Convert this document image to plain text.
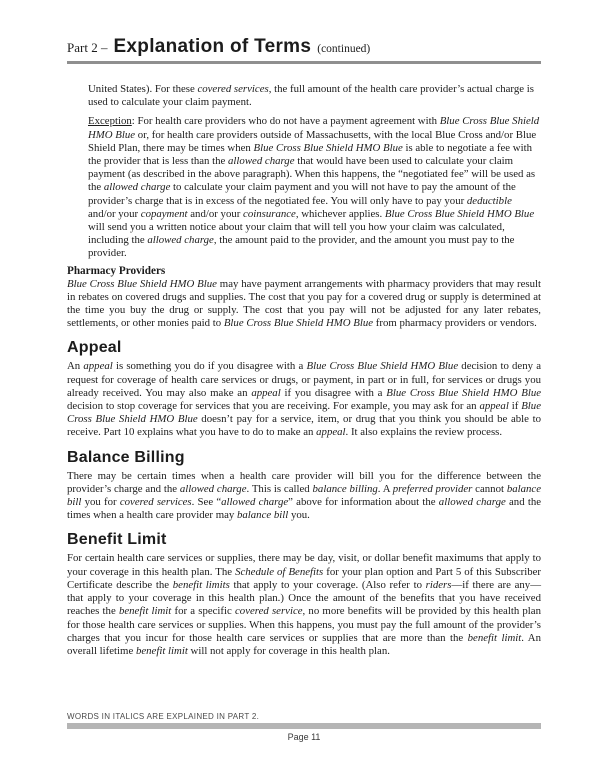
Part 2 – Explanation of Terms (continued)

United States). For these covered services, the full amount of the health care provider’s actual charge is used to calculate your claim payment.

Exception: For health care providers who do not have a payment agreement with Blue Cross Blue Shield HMO Blue or, for health care providers outside of Massachusetts, with the local Blue Cross and/or Blue Shield Plan, there may be times when Blue Cross Blue Shield HMO Blue is able to negotiate a fee with the provider that is less than the allowed charge that would have been used to calculate your claim payment (as described in the above paragraph). When this happens, the “negotiated fee” will be used as the allowed charge to calculate your claim payment and you will not have to pay the amount of the provider’s charge that is in excess of the negotiated fee. You will only have to pay your deductible and/or your copayment and/or your coinsurance, whichever applies. Blue Cross Blue Shield HMO Blue will send you a written notice about your claim that will tell you how your claim was calculated, including the allowed charge, the amount paid to the provider, and the amount you must pay to the provider.

Pharmacy Providers

Blue Cross Blue Shield HMO Blue may have payment arrangements with pharmacy providers that may result in rebates on covered drugs and supplies. The cost that you pay for a covered drug or supply is determined at the time you buy the drug or supply. The cost that you pay will not be adjusted for any later rebates, settlements, or other monies paid to Blue Cross Blue Shield HMO Blue from pharmacy providers or vendors.

Appeal

An appeal is something you do if you disagree with a Blue Cross Blue Shield HMO Blue decision to deny a request for coverage of health care services or drugs, or payment, in part or in full, for services or drugs you already received. You may also make an appeal if you disagree with a Blue Cross Blue Shield HMO Blue decision to stop coverage for services that you are receiving. For example, you may ask for an appeal if Blue Cross Blue Shield HMO Blue doesn’t pay for a service, item, or drug that you think you should be able to receive. Part 10 explains what you have to do to make an appeal. It also explains the review process.

Balance Billing

There may be certain times when a health care provider will bill you for the difference between the provider’s charge and the allowed charge. This is called balance billing. A preferred provider cannot balance bill you for covered services. See “allowed charge” above for information about the allowed charge and the times when a health care provider may balance bill you.

Benefit Limit

For certain health care services or supplies, there may be day, visit, or dollar benefit maximums that apply to your coverage in this health plan. The Schedule of Benefits for your plan option and Part 5 of this Subscriber Certificate describe the benefit limits that apply to your coverage. (Also refer to riders—if there are any—that apply to your coverage in this health plan.) Once the amount of the benefits that you have received reaches the benefit limit for a specific covered service, no more benefits will be provided by this health plan for those health care services or supplies. When this happens, you must pay the full amount of the provider’s charges that you incur for those health care services or supplies that are more than the benefit limit. An overall lifetime benefit limit will not apply for coverage in this health plan.

WORDS IN ITALICS ARE EXPLAINED IN PART 2.
Page 11
